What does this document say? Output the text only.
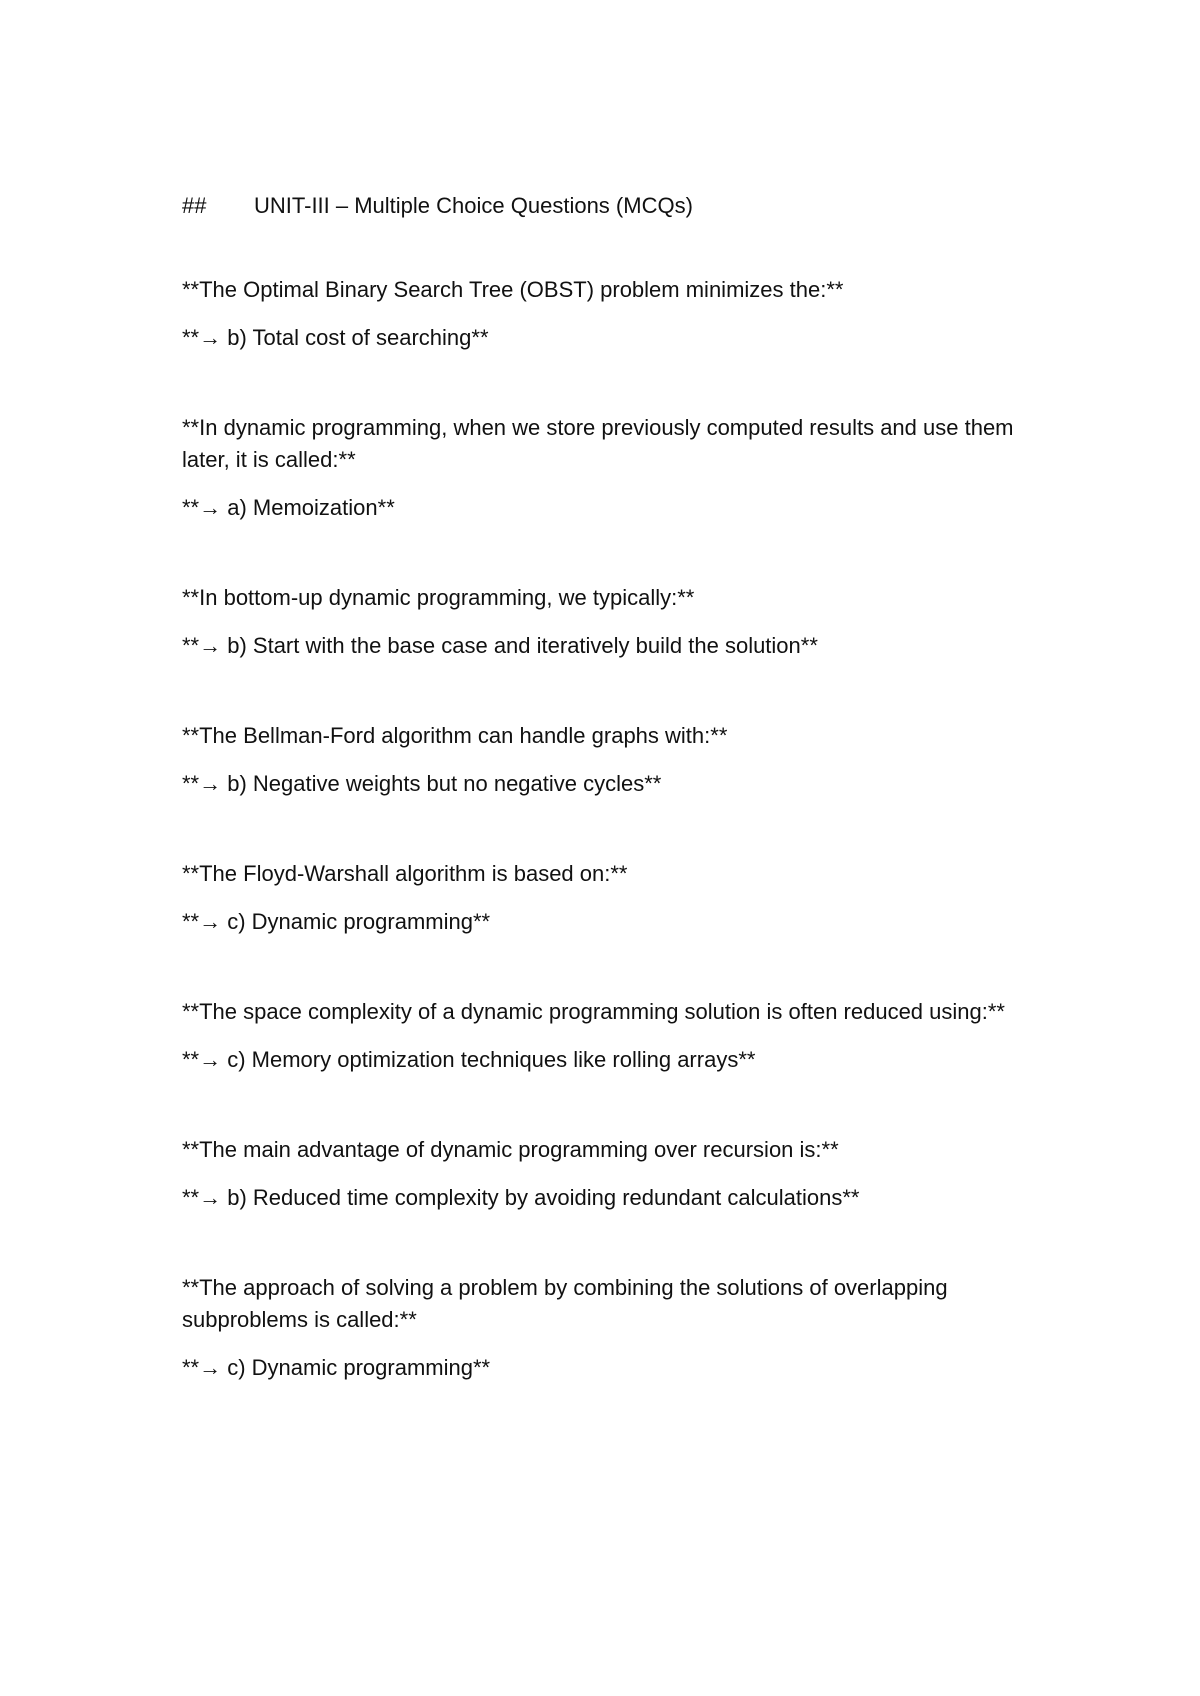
##	UNIT-III – Multiple Choice Questions (MCQs)

**The Optimal Binary Search Tree (OBST) problem minimizes the:**

**→ b) Total cost of searching**

**In dynamic programming, when we store previously computed results and use them later, it is called:**

**→ a) Memoization**

**In bottom-up dynamic programming, we typically:**

**→ b) Start with the base case and iteratively build the solution**

**The Bellman-Ford algorithm can handle graphs with:**

**→ b) Negative weights but no negative cycles**

**The Floyd-Warshall algorithm is based on:**

**→ c) Dynamic programming**

**The space complexity of a dynamic programming solution is often reduced using:**

**→ c) Memory optimization techniques like rolling arrays**

**The main advantage of dynamic programming over recursion is:**

**→ b) Reduced time complexity by avoiding redundant calculations**

**The approach of solving a problem by combining the solutions of overlapping subproblems is called:**

**→ c) Dynamic programming**
